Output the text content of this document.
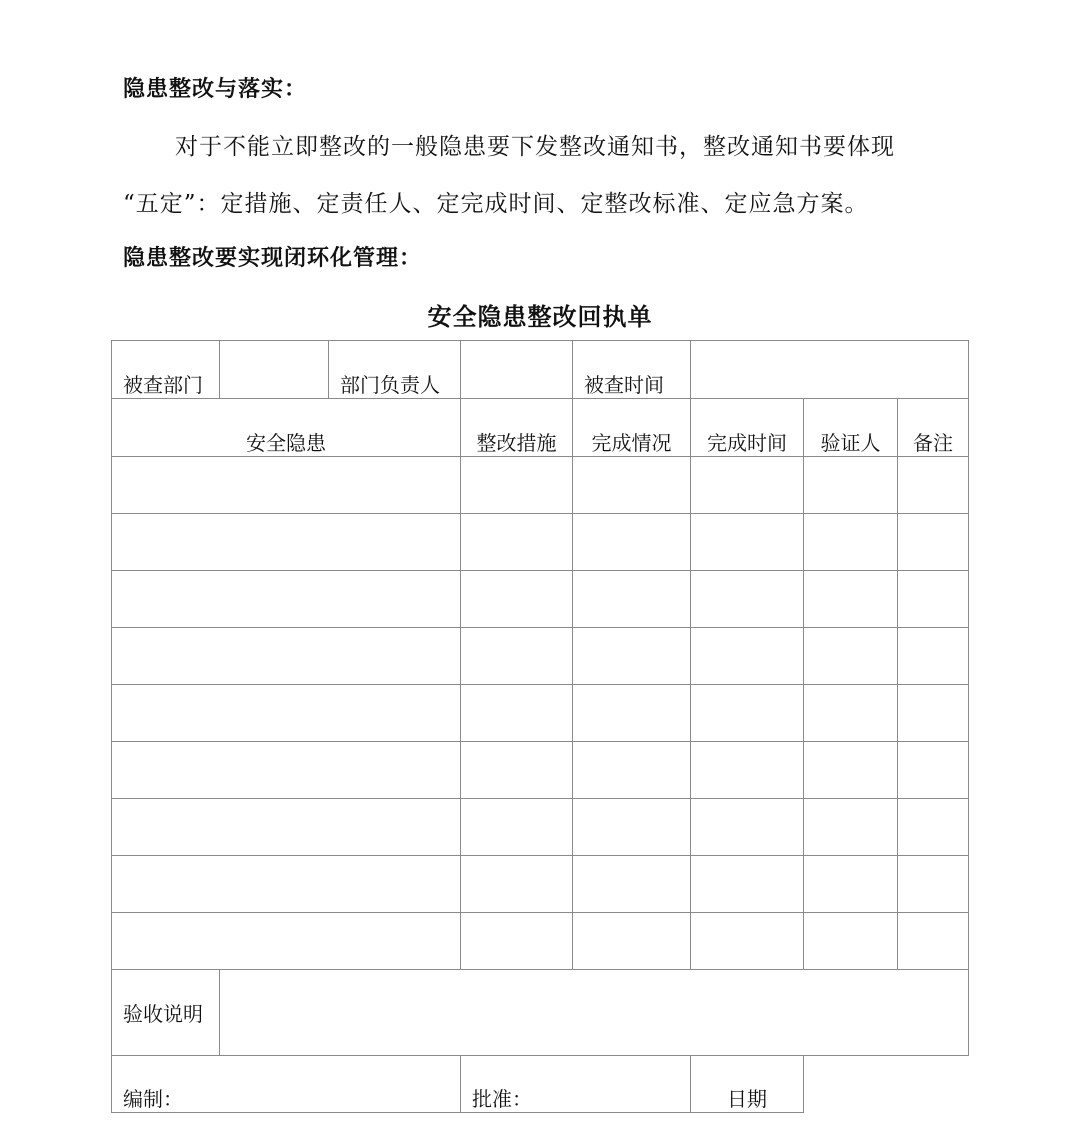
隐患整改与落实：

对于不能立即整改的一般隐患要下发整改通知书，整改通知书要体现

“五定”：定措施、定责任人、定完成时间、定整改标准、定应急方案。

隐患整改要实现闭环化管理：
安全隐患整改回执单
被查部门		部门负责人		被查时间			
安全隐患			整改措施	完成情况	完成时间	验证人	备注

验收说明							
编制：			批准：		日期		
